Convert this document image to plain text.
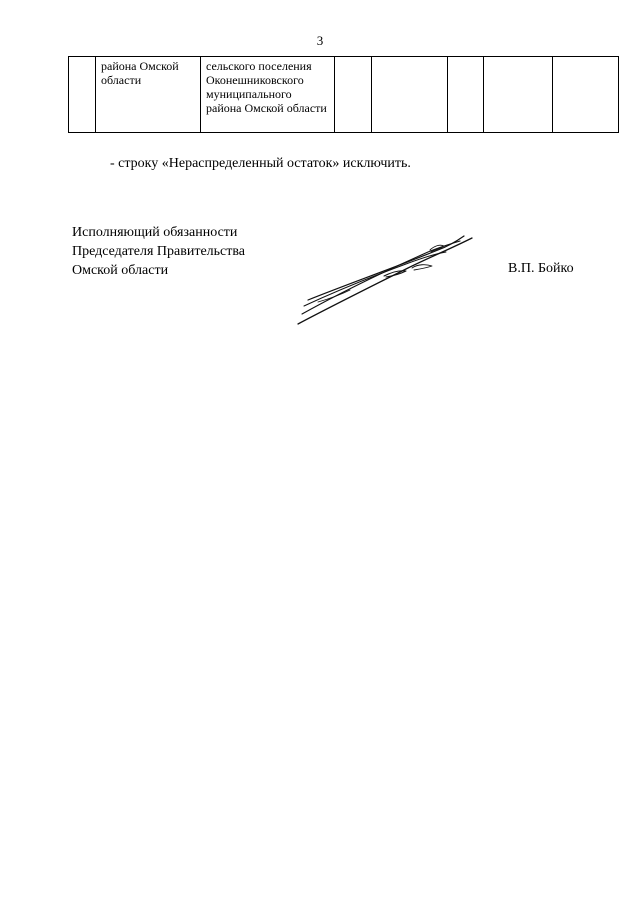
3
	района Омской области	сельского поселения Оконешниковского муниципального района Омской области					
- строку «Нераспределенный остаток» исключить.
Исполняющий обязанности
Председателя Правительства
Омской области	В.П. Бойко
